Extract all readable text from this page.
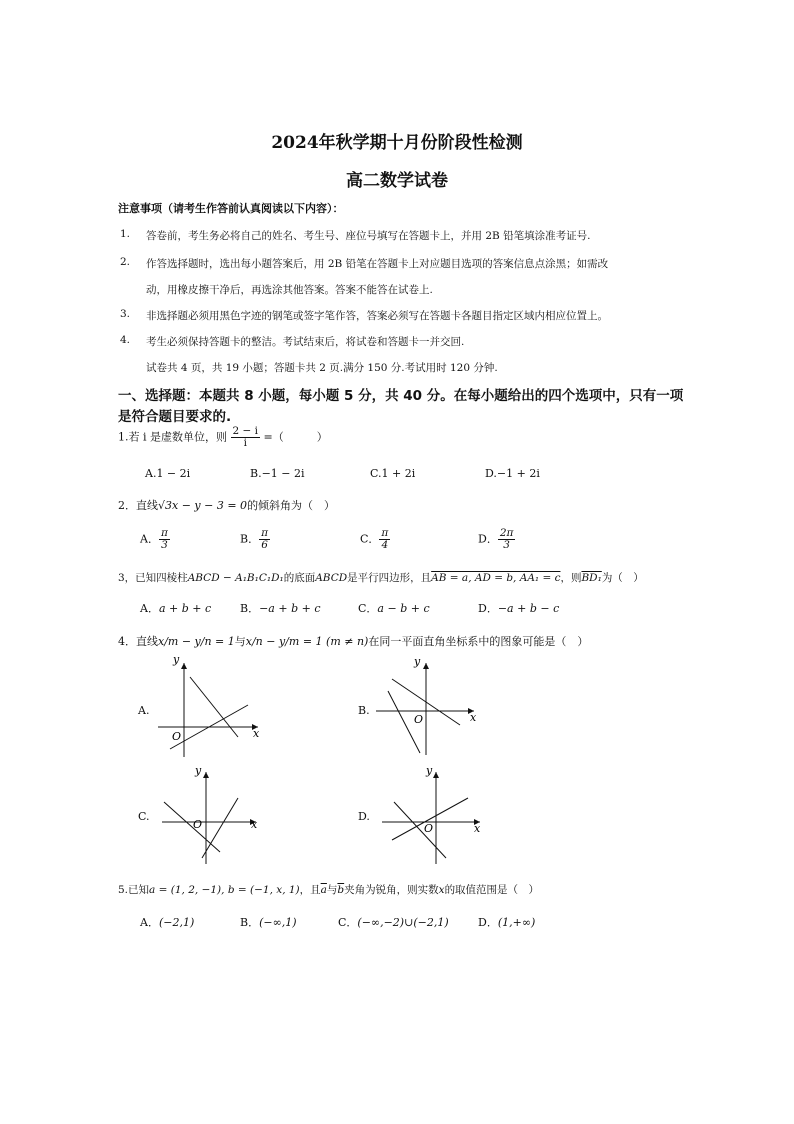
2024年秋学期十月份阶段性检测
高二数学试卷
注意事项（请考生作答前认真阅读以下内容）：
1. 答卷前，考生务必将自己的姓名、考生号、座位号填写在答题卡上，并用 2B 铅笔填涂准考证号.
2. 作答选择题时，选出每小题答案后，用 2B 铅笔在答题卡上对应题目选项的答案信息点涂黑；如需改
动，用橡皮擦干净后，再选涂其他答案。答案不能答在试卷上.
3. 非选择题必须用黑色字迹的钢笔或签字笔作答，答案必须写在答题卡各题目指定区域内相应位置上。
4. 考生必须保持答题卡的整洁。考试结束后，将试卷和答题卡一并交回.
试卷共 4 页，共 19 小题；答题卡共 2 页.满分 150 分.考试用时 120 分钟.
一、选择题：本题共 8 小题，每小题 5 分，共 40 分。在每小题给出的四个选项中，只有一项
是符合题目要求的.
1.若 i 是虚数单位，则 $\frac{2 - i}{i}$ =（　　　）
A.1 − 2i	B.−1 − 2i	C.1 + 2i	D.−1 + 2i
2．直线√3x − y − 3 = 0的倾斜角为（　）
A． $\frac{\pi}{3}$	B． $\frac{\pi}{6}$	C． $\frac{\pi}{4}$	D． $\frac{2\pi}{3}$
3，已知四棱柱ABCD − A₁B₁C₁D₁的底面ABCD是平行四边形，且AB = a, AD = b, AA₁ = c，则BD₁为（　）
A．a + b + c	B．−a + b + c	C．a − b + c	D．−a + b − c
4．直线x/m − y/n = 1与x/n − y/m = 1 (m ≠ n)在同一平面直角坐标系中的图象可能是（　）
A.
y
x
O
B.
y
x
O
C.
y
x
O
D.
y
x
O
5.已知a = (1, 2, −1), b = (−1, x, 1)，且$\overline{a}$与$\overline{b}$夹角为锐角，则实数x的取值范围是（　）
A．(−2,1)	B．(−∞,1)	C．(−∞,−2)∪(−2,1)	D．(1,+∞)
